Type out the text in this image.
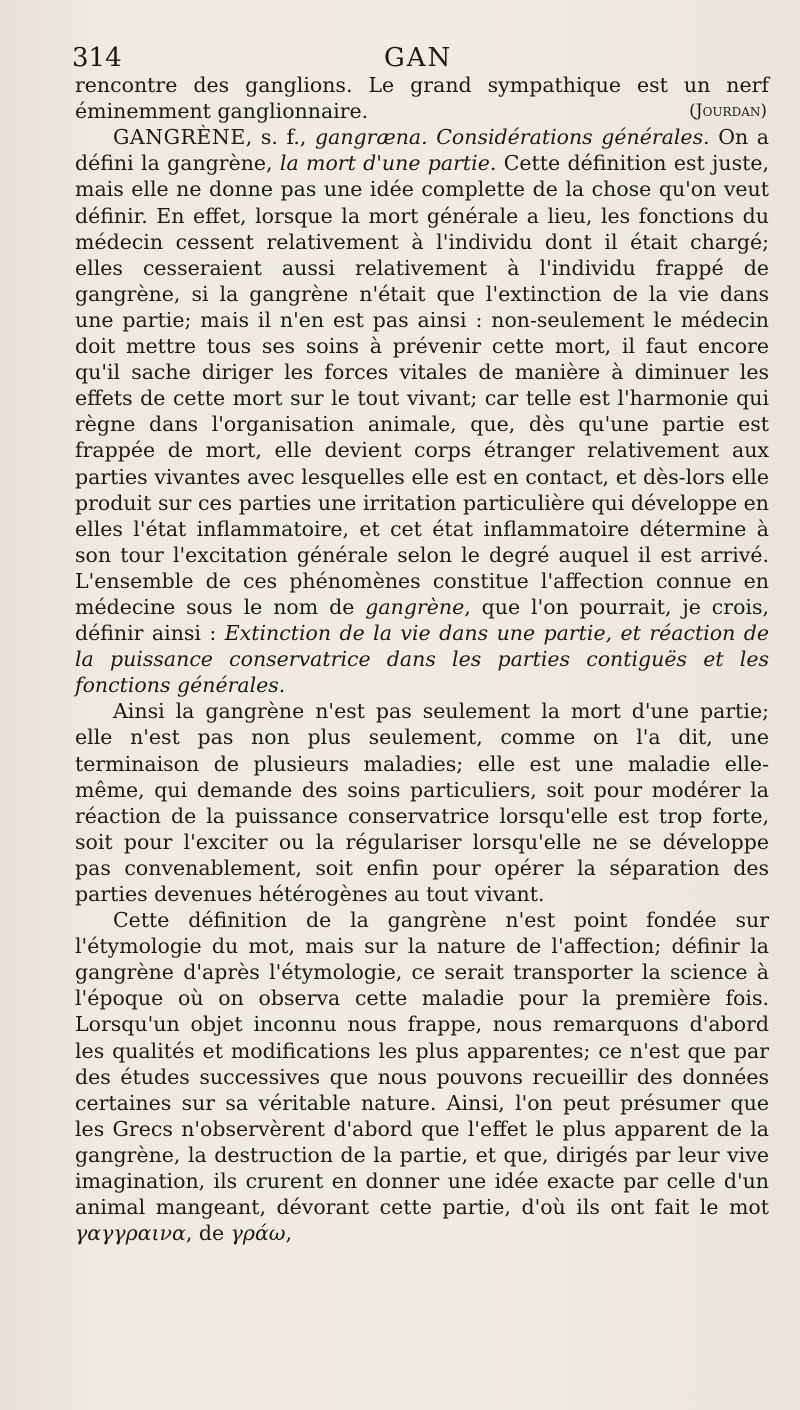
314	GAN

rencontre des ganglions. Le grand sympathique est un nerf éminemment ganglionnaire.	(Jourdan)

GANGRÈNE, s. f., gangræna. Considérations générales. On a défini la gangrène, la mort d'une partie. Cette définition est juste, mais elle ne donne pas une idée complette de la chose qu'on veut définir. En effet, lorsque la mort générale a lieu, les fonctions du médecin cessent relativement à l'individu dont il était chargé; elles cesseraient aussi relativement à l'individu frappé de gangrène, si la gangrène n'était que l'extinction de la vie dans une partie; mais il n'en est pas ainsi : non-seulement le médecin doit mettre tous ses soins à prévenir cette mort, il faut encore qu'il sache diriger les forces vitales de manière à diminuer les effets de cette mort sur le tout vivant; car telle est l'harmonie qui règne dans l'organisation animale, que, dès qu'une partie est frappée de mort, elle devient corps étranger relativement aux parties vivantes avec lesquelles elle est en contact, et dès-lors elle produit sur ces parties une irritation particulière qui développe en elles l'état inflammatoire, et cet état inflammatoire détermine à son tour l'excitation générale selon le degré auquel il est arrivé. L'ensemble de ces phénomènes constitue l'affection connue en médecine sous le nom de gangrène, que l'on pourrait, je crois, définir ainsi : Extinction de la vie dans une partie, et réaction de la puissance conservatrice dans les parties contiguës et les fonctions générales.

Ainsi la gangrène n'est pas seulement la mort d'une partie; elle n'est pas non plus seulement, comme on l'a dit, une terminaison de plusieurs maladies; elle est une maladie elle-même, qui demande des soins particuliers, soit pour modérer la réaction de la puissance conservatrice lorsqu'elle est trop forte, soit pour l'exciter ou la régulariser lorsqu'elle ne se développe pas convenablement, soit enfin pour opérer la séparation des parties devenues hétérogènes au tout vivant.

Cette définition de la gangrène n'est point fondée sur l'étymologie du mot, mais sur la nature de l'affection; définir la gangrène d'après l'étymologie, ce serait transporter la science à l'époque où on observa cette maladie pour la première fois. Lorsqu'un objet inconnu nous frappe, nous remarquons d'abord les qualités et modifications les plus apparentes; ce n'est que par des études successives que nous pouvons recueillir des données certaines sur sa véritable nature. Ainsi, l'on peut présumer que les Grecs n'observèrent d'abord que l'effet le plus apparent de la gangrène, la destruction de la partie, et que, dirigés par leur vive imagination, ils crurent en donner une idée exacte par celle d'un animal mangeant, dévorant cette partie, d'où ils ont fait le mot γαγγραινα, de γράω,
